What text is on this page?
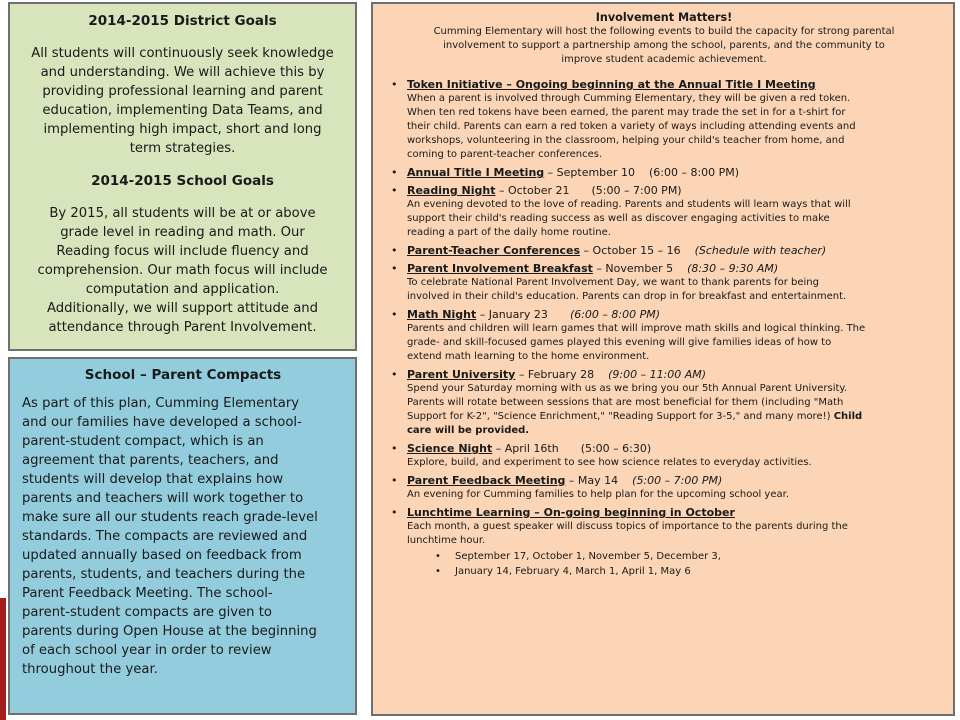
2014-2015 District Goals

All students will continuously seek knowledge

and understanding. We will achieve this by

providing professional learning and parent

education, implementing Data Teams, and

implementing high impact, short and long

term strategies.

2014-2015 School Goals

By 2015, all students will be at or above

grade level in reading and math. Our

Reading focus will include fluency and

comprehension. Our math focus will include

computation and application.

Additionally, we will support attitude and

attendance through Parent Involvement.

School – Parent Compacts

As part of this plan, Cumming Elementary

and our families have developed a school-

parent-student compact, which is an

agreement that parents, teachers, and

students will develop that explains how

parents and teachers will work together to

make sure all our students reach grade-level

standards. The compacts are reviewed and

updated annually based on feedback from

parents, students, and teachers during the

Parent Feedback Meeting. The school-

parent-student compacts are given to

parents during Open House at the beginning

of each school year in order to review

throughout the year.

Involvement Matters!

Cumming Elementary will host the following events to build the capacity for strong parental

involvement to support a partnership among the school, parents, and the community to

improve student academic achievement.

• Token Initiative – Ongoing beginning at the Annual Title I Meeting

When a parent is involved through Cumming Elementary, they will be given a red token.

When ten red tokens have been earned, the parent may trade the set in for a t-shirt for

their child. Parents can earn a red token a variety of ways including attending events and

workshops, volunteering in the classroom, helping your child's teacher from home, and

coming to parent-teacher conferences.

• Annual Title I Meeting – September 10 (6:00 – 8:00 PM)

• Reading Night – October 21 (5:00 – 7:00 PM)

An evening devoted to the love of reading. Parents and students will learn ways that will

support their child's reading success as well as discover engaging activities to make

reading a part of the daily home routine.

• Parent-Teacher Conferences – October 15 – 16 (Schedule with teacher)

• Parent Involvement Breakfast – November 5 (8:30 – 9:30 AM)

To celebrate National Parent Involvement Day, we want to thank parents for being

involved in their child's education. Parents can drop in for breakfast and entertainment.

• Math Night – January 23 (6:00 – 8:00 PM)

Parents and children will learn games that will improve math skills and logical thinking. The

grade- and skill-focused games played this evening will give families ideas of how to

extend math learning to the home environment.

• Parent University – February 28 (9:00 – 11:00 AM)

Spend your Saturday morning with us as we bring you our 5th Annual Parent University.

Parents will rotate between sessions that are most beneficial for them (including "Math

Support for K-2", "Science Enrichment," "Reading Support for 3-5," and many more!) Child

care will be provided.

• Science Night – April 16th (5:00 – 6:30)

Explore, build, and experiment to see how science relates to everyday activities.

• Parent Feedback Meeting – May 14 (5:00 – 7:00 PM)

An evening for Cumming families to help plan for the upcoming school year.

• Lunchtime Learning – On-going beginning in October

Each month, a guest speaker will discuss topics of importance to the parents during the

lunchtime hour.

• September 17, October 1, November 5, December 3,
• January 14, February 4, March 1, April 1, May 6
